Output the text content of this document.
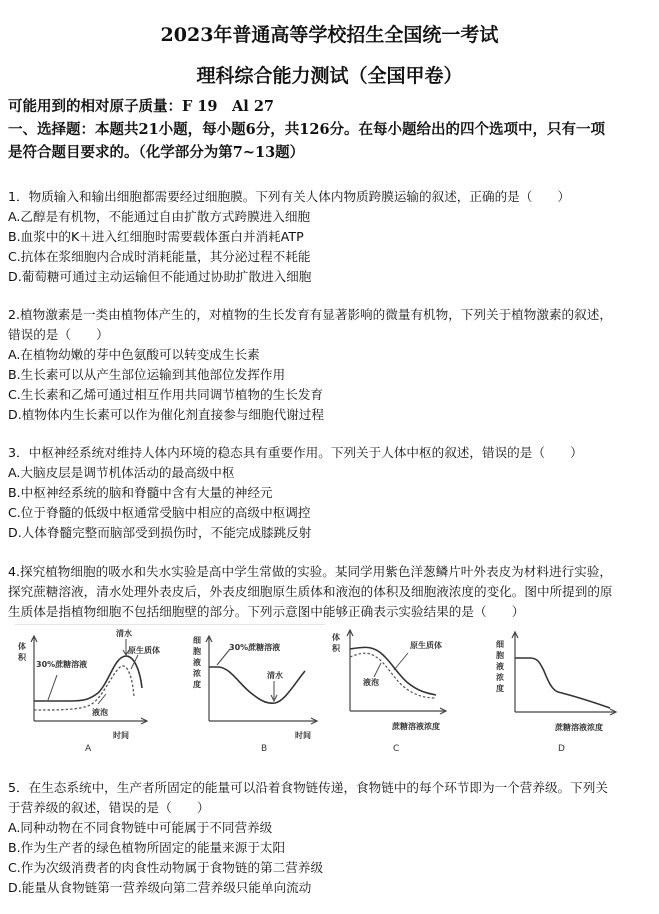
2023年普通高等学校招生全国统一考试
理科综合能力测试（全国甲卷）
可能用到的相对原子质量：F 19　Al 27
一、选择题：本题共21小题，每小题6分，共126分。在每小题给出的四个选项中，只有一项
是符合题目要求的。（化学部分为第7~13题）
1．物质输入和输出细胞都需要经过细胞膜。下列有关人体内物质跨膜运输的叙述，正确的是（　　）
A.乙醇是有机物，不能通过自由扩散方式跨膜进入细胞
B.血浆中的K＋进入红细胞时需要载体蛋白并消耗ATP
C.抗体在浆细胞内合成时消耗能量，其分泌过程不耗能
D.葡萄糖可通过主动运输但不能通过协助扩散进入细胞
2.植物激素是一类由植物体产生的，对植物的生长发育有显著影响的微量有机物，下列关于植物激素的叙述，
错误的是（　　）
A.在植物幼嫩的芽中色氨酸可以转变成生长素
B.生长素可以从产生部位运输到其他部位发挥作用
C.生长素和乙烯可通过相互作用共同调节植物的生长发育
D.植物体内生长素可以作为催化剂直接参与细胞代谢过程
3．中枢神经系统对维持人体内环境的稳态具有重要作用。下列关于人体中枢的叙述，错误的是（　　）
A.大脑皮层是调节机体活动的最高级中枢
B.中枢神经系统的脑和脊髓中含有大量的神经元
C.位于脊髓的低级中枢通常受脑中相应的高级中枢调控
D.人体脊髓完整而脑部受到损伤时，不能完成膝跳反射
4.探究植物细胞的吸水和失水实验是高中学生常做的实验。某同学用紫色洋葱鳞片叶外表皮为材料进行实验，
探究蔗糖溶液，清水处理外表皮后，外表皮细胞原生质体和液泡的体积及细胞液浓度的变化。图中所提到的原
生质体是指植物细胞不包括细胞壁的部分。下列示意图中能够正确表示实验结果的是（　　）
体积
30%蔗糖溶液
清水
原生质体
液泡
时间
A
细胞液浓度
30%蔗糖溶液
清水
时间
B
体积	原生质体
液泡
蔗糖溶液浓度
C
细胞液浓度
蔗糖溶液浓度
D
5．在生态系统中，生产者所固定的能量可以沿着食物链传递，食物链中的每个环节即为一个营养级。下列关
于营养级的叙述，错误的是（　　）
A.同种动物在不同食物链中可能属于不同营养级
B.作为生产者的绿色植物所固定的能量来源于太阳
C.作为次级消费者的肉食性动物属于食物链的第二营养级
D.能量从食物链第一营养级向第二营养级只能单向流动
